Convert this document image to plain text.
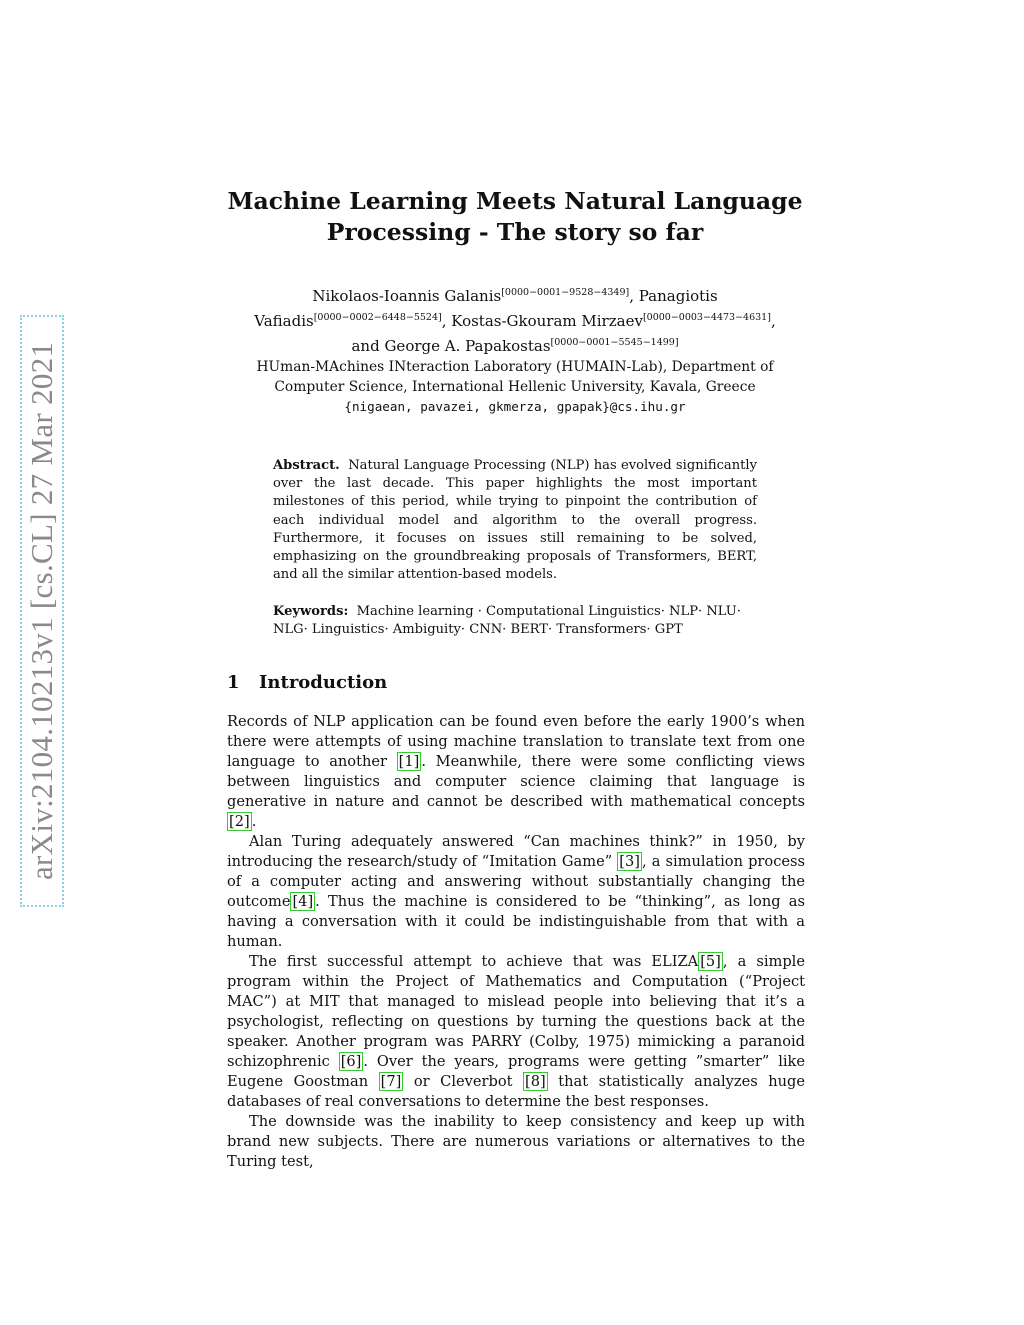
arXiv:2104.10213v1 [cs.CL] 27 Mar 2021
Machine Learning Meets Natural Language
Processing - The story so far
Nikolaos-Ioannis Galanis[0000−0001−9528−4349], Panagiotis Vafiadis[0000−0002−6448−5524], Kostas-Gkouram Mirzaev[0000−0003−4473−4631],
and George A. Papakostas[0000−0001−5545−1499]
HUman-MAchines INteraction Laboratory (HUMAIN-Lab), Department of
Computer Science, International Hellenic University, Kavala, Greece
{nigaean, pavazei, gkmerza, gpapak}@cs.ihu.gr
Abstract. Natural Language Processing (NLP) has evolved significantly over the last decade. This paper highlights the most important milestones of this period, while trying to pinpoint the contribution of each individual model and algorithm to the overall progress. Furthermore, it focuses on issues still remaining to be solved, emphasizing on the groundbreaking proposals of Transformers, BERT, and all the similar attention-based models.
Keywords: Machine learning · Computational Linguistics· NLP· NLU· NLG· Linguistics· Ambiguity· CNN· BERT· Transformers· GPT
1 Introduction

Records of NLP application can be found even before the early 1900’s when there were attempts of using machine translation to translate text from one language to another [1] . Meanwhile, there were some conflicting views between linguistics and computer science claiming that language is generative in nature and cannot be described with mathematical concepts [2] .

Alan Turing adequately answered “Can machines think?” in 1950, by introducing the research/study of “Imitation Game” [3] , a simulation process of a computer acting and answering without substantially changing the outcome [4] . Thus the machine is considered to be “thinking”, as long as having a conversation with it could be indistinguishable from that with a human.

The first successful attempt to achieve that was ELIZA [5] , a simple program within the Project of Mathematics and Computation (“Project MAC”) at MIT that managed to mislead people into believing that it’s a psychologist, reflecting on questions by turning the questions back at the speaker. Another program was PARRY (Colby, 1975) mimicking a paranoid schizophrenic [6] . Over the years, programs were getting ”smarter” like Eugene Goostman [7] or Cleverbot [8] that statistically analyzes huge databases of real conversations to determine the best responses.

The downside was the inability to keep consistency and keep up with brand new subjects. There are numerous variations or alternatives to the Turing test,
